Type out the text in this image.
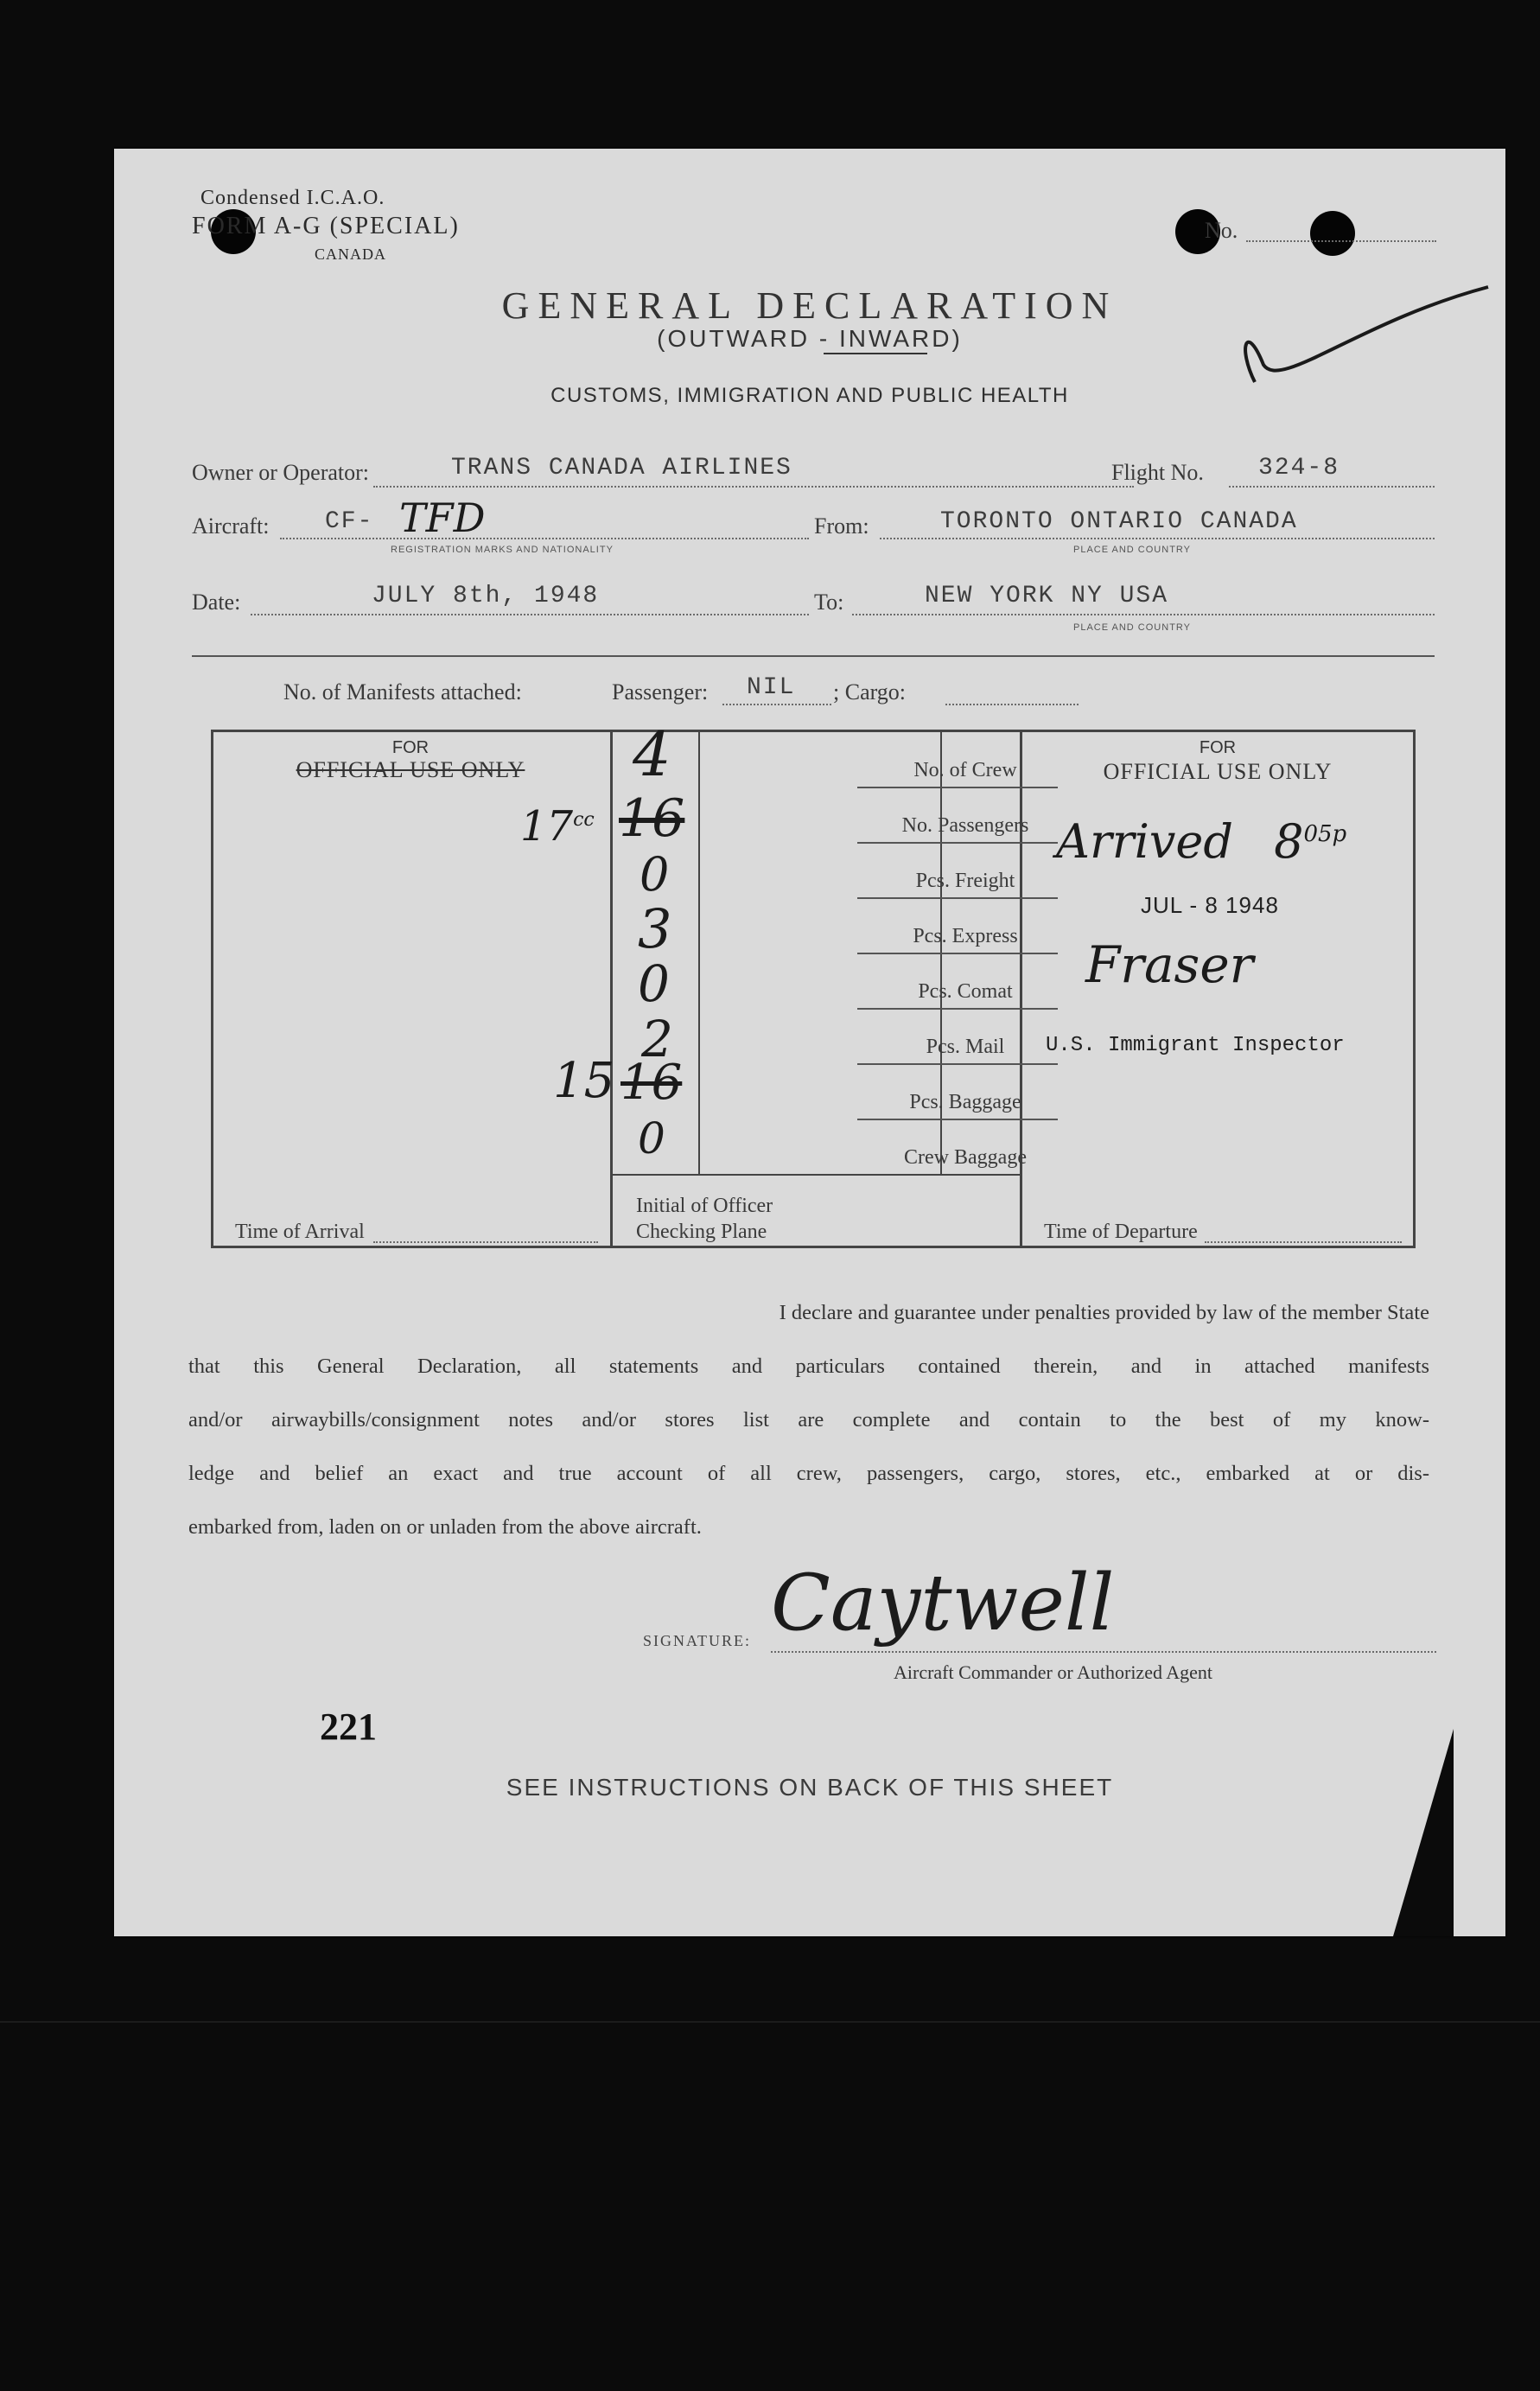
Condensed I.C.A.O.
FORM A-G (SPECIAL)
CANADA
No.
GENERAL DECLARATION
(OUTWARD - INWARD)
CUSTOMS, IMMIGRATION AND PUBLIC HEALTH
Owner or Operator:	TRANS CANADA AIRLINES	Flight No. 324-8
Aircraft: CF- TFD
REGISTRATION MARKS AND NATIONALITY
From:	TORONTO ONTARIO CANADA
PLACE AND COUNTRY
Date:	JULY 8th, 1948	To:	NEW YORK NY USA
PLACE AND COUNTRY
No. of Manifests attached:	Passenger: NIL ; Cargo:
FOR
OFFICIAL USE ONLY
FOR
OFFICIAL USE ONLY
4	No. of Crew
$17^{cc}$ 16	No. Passengers
0	Pcs. Freight
3	Pcs. Express
0	Pcs. Comat
2	Pcs. Mail
15 16	Pcs. Baggage
0	Crew Baggage
Arrived $8^{05p}$
JUL - 8 1948
Fraser
U.S. Immigrant Inspector
Time of Arrival
Initial of Officer
Checking Plane	Time of Departure
I declare and guarantee under penalties provided by law of the member State
that this General Declaration, all statements and particulars contained therein, and in attached manifests
and/or airwaybills/consignment notes and/or stores list are complete and contain to the best of my know-
ledge and belief an exact and true account of all crew, passengers, cargo, stores, etc., embarked at or dis-
embarked from, laden on or unladen from the above aircraft.
SIGNATURE: Caytwell
Aircraft Commander or Authorized Agent
221
SEE INSTRUCTIONS ON BACK OF THIS SHEET
